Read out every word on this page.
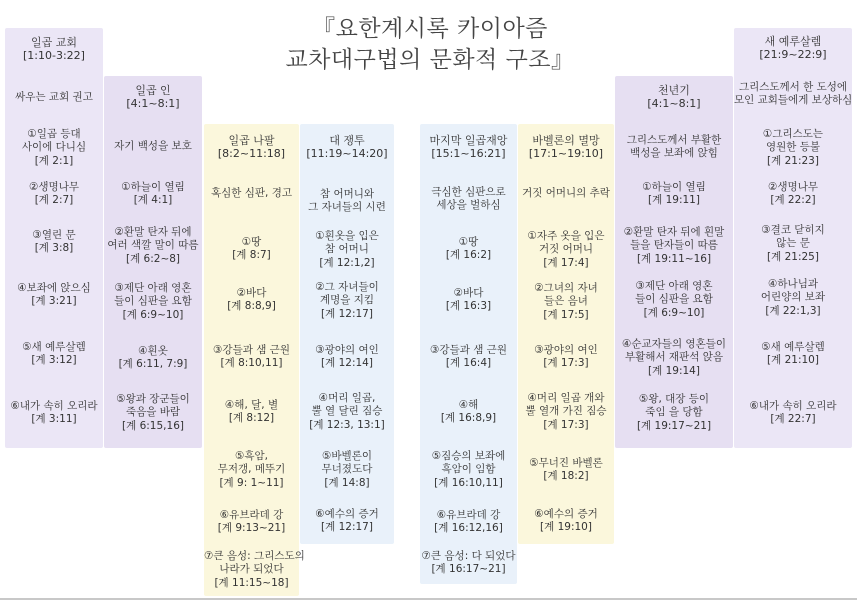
『요한계시록 카이아즘
교차대구법의 문화적 구조』
일곱 교회
[1:10-3:22]
싸우는 교회 권고
①일곱 등대
사이에 다니심
[계 2:1]
②생명나무
[계 2:7]
③열린 문
[계 3:8]
④보좌에 앉으심
[계 3:21]
⑤새 예루살렘
[계 3:12]
⑥내가 속히 오리라
[계 3:11]
일곱 인
[4:1~8:1]
자기 백성을 보호
①하늘이 열림
[계 4:1]
②환말 탄자 뒤에
여러 색깔 말이 따름
[계 6:2~8]
③제단 아래 영혼
들이 심판을 요함
[계 6:9~10]
④흰옷
[계 6:11, 7:9]
⑤왕과 장군들이
죽음을 바람
[계 6:15,16]
일곱 나팔
[8:2~11:18]
혹심한 심판, 경고
①땅
[계 8:7]
②바다
[계 8:8,9]
③강들과 샘 근원
[계 8:10,11]
④해, 달, 별
[계 8:12]
⑤흑암,
무저갱, 메뚜기
[계 9: 1~11]
⑥유브라데 강
[계 9:13~21]
⑦큰 음성: 그리스도의
나라가 되었다
[계 11:15~18]
대 쟁투
[11:19~14:20]
참 어머니와
그 자녀들의 시련
①흰옷을 입은
참 어머니
[계 12:1,2]
②그 자녀들이
계명을 지킴
[계 12:17]
③광야의 여인
[계 12:14]
④머리 일곱,
뿔 열 달린 짐승
[계 12:3, 13:1]
⑤바벨론이
무너졌도다
[계 14:8]
⑥예수의 증거
[계 12:17]
마지막 일곱재앙
[15:1~16:21]
극심한 심판으로
세상을 벌하심
①땅
[계 16:2]
②바다
[계 16:3]
③강들과 샘 근원
[계 16:4]
④해
[계 16:8,9]
⑤짐승의 보좌에
흑암이 임함
[계 16:10,11]
⑥유브라데 강
[계 16:12,16]
⑦큰 음성: 다 되었다
[계 16:17~21]
바벨론의 멸망
[17:1~19:10]
거짓 어머니의 추락
①자주 옷을 입은
거짓 어머니
[계 17:4]
②그녀의 자녀
들은 음녀
[계 17:5]
③광야의 여인
[계 17:3]
④머리 일곱 개와
뿔 열개 가진 짐승
[계 17:3]
⑤무너진 바벨론
[계 18:2]
⑥예수의 증거
[계 19:10]
천년기
[4:1~8:1]
그리스도께서 부활한
백성을 보좌에 앉힘
①하늘이 열림
[계 19:11]
②환말 탄자 뒤에 흰말
들을 탄자들이 따름
[계 19:11~16]
③제단 아래 영혼
들이 심판을 요함
[계 6:9~10]
④순교자들의 영혼들이
부활해서 재판석 앉음
[계 19:14]
⑤왕, 대장 등이
죽임 을 당함
[계 19:17~21]
새 예루살렘
[21:9~22:9]
그리스도께서 한 도성에
모인 교회들에게 보상하심
①그리스도는
영원한 등불
[계 21:23]
②생명나무
[계 22:2]
③결코 닫히지
않는 문
[계 21:25]
④하나님과
어린양의 보좌
[계 22:1,3]
⑤새 예루살렘
[계 21:10]
⑥내가 속히 오리라
[계 22:7]
